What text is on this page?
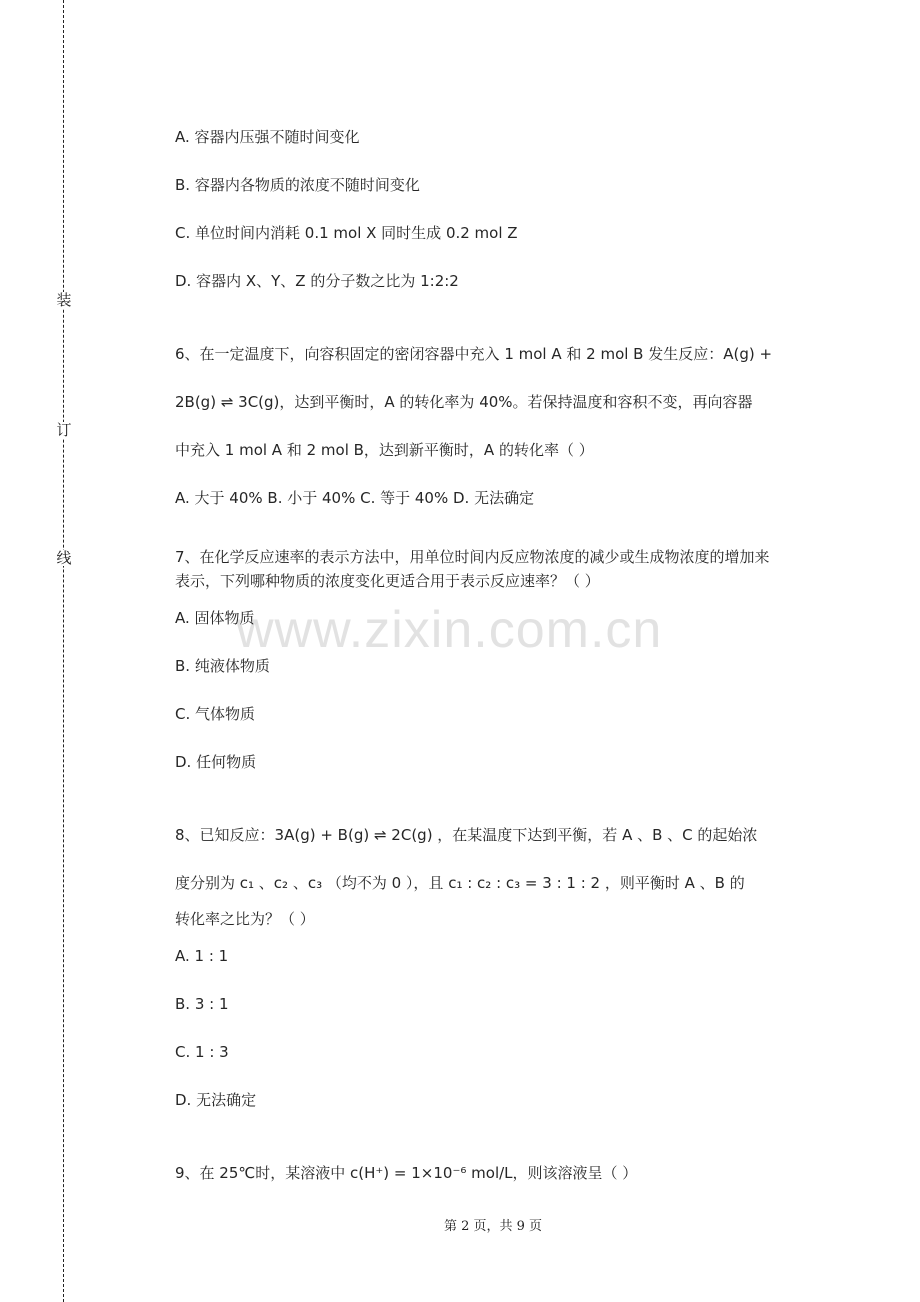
装
订
线
www.zixin.com.cn
A. 容器内压强不随时间变化
B. 容器内各物质的浓度不随时间变化
C. 单位时间内消耗 0.1 mol X 同时生成 0.2 mol Z
D. 容器内 X、Y、Z 的分子数之比为 1:2:2
6、在一定温度下，向容积固定的密闭容器中充入 1 mol A 和 2 mol B 发生反应：A(g) +
2B(g) ⇌ 3C(g)，达到平衡时，A 的转化率为 40%。若保持温度和容积不变，再向容器
中充入 1 mol A 和 2 mol B，达到新平衡时，A 的转化率（ ）
A. 大于 40% B. 小于 40% C. 等于 40% D. 无法确定
7、在化学反应速率的表示方法中，用单位时间内反应物浓度的减少或生成物浓度的增加来
表示，下列哪种物质的浓度变化更适合用于表示反应速率？（ ）
A. 固体物质
B. 纯液体物质
C. 气体物质
D. 任何物质
8、已知反应：3A(g) + B(g) ⇌ 2C(g) ，在某温度下达到平衡，若 A 、B 、C 的起始浓
度分别为 c₁ 、c₂ 、c₃ （均不为 0 ），且 c₁ : c₂ : c₃ = 3 : 1 : 2 ，则平衡时 A 、B 的
转化率之比为？（ ）
A. 1 : 1
B. 3 : 1
C. 1 : 3
D. 无法确定
9、在 25℃时，某溶液中 c(H⁺) = 1×10⁻⁶ mol/L，则该溶液呈（ ）
第 2 页，共 9 页
